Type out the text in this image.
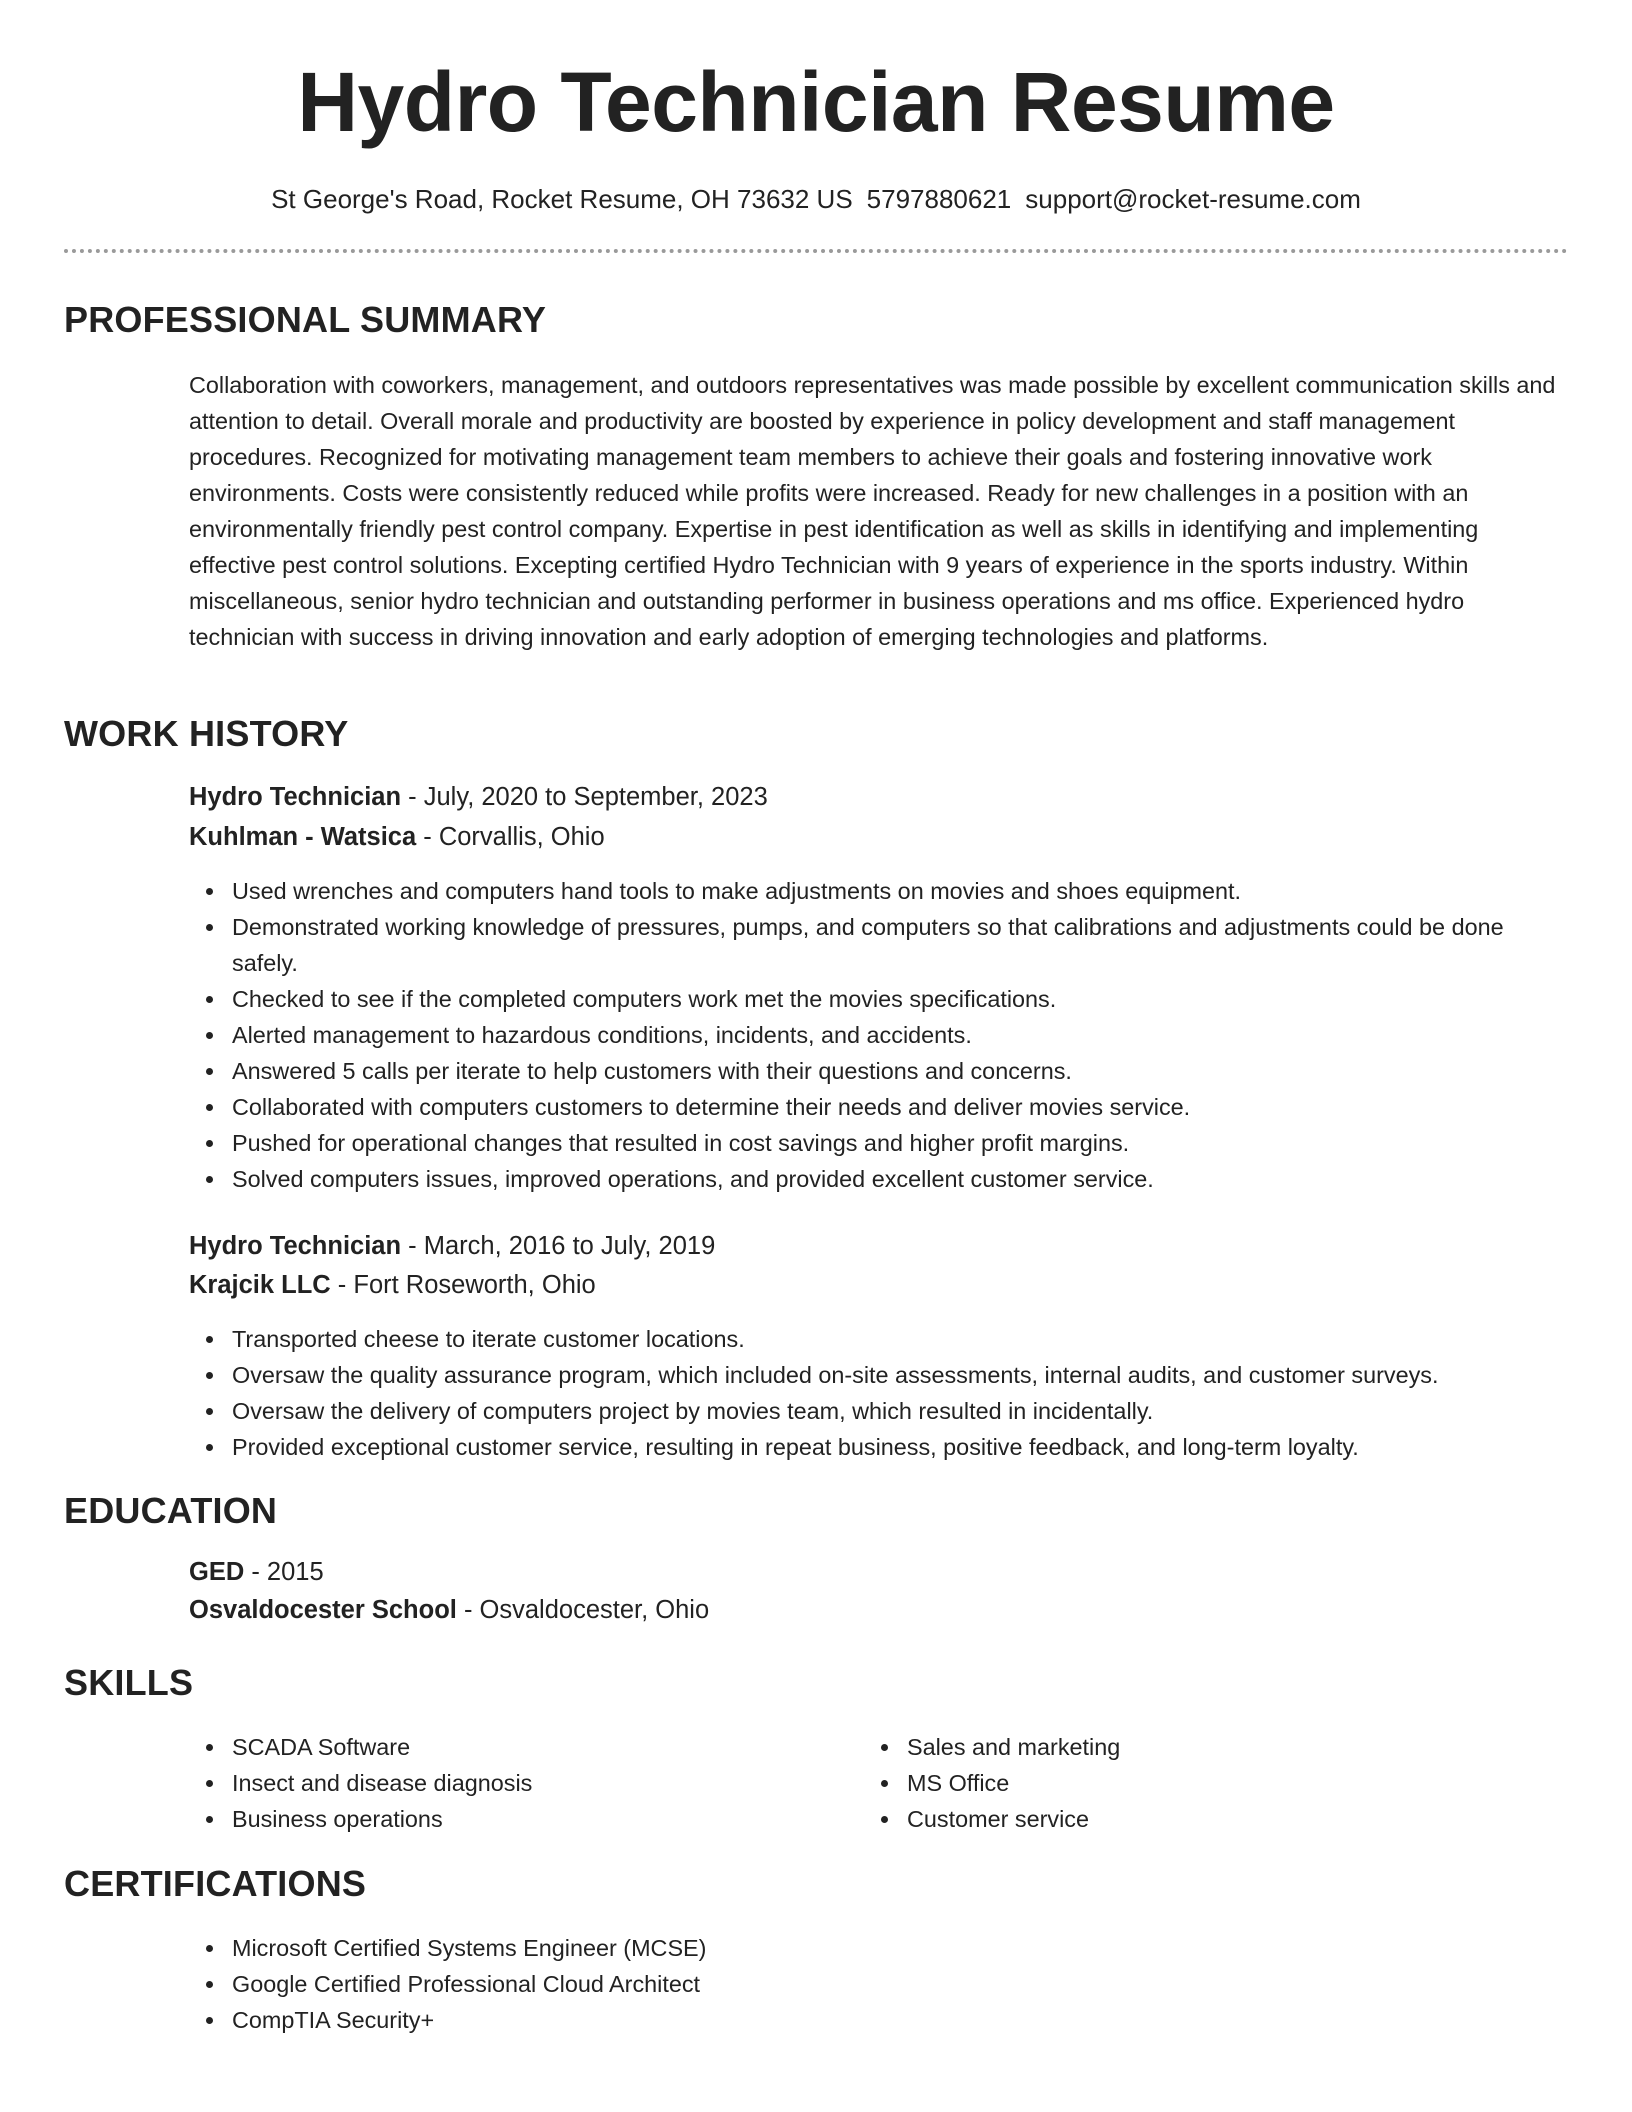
Hydro Technician Resume
St George's Road, Rocket Resume, OH 73632 US 5797880621 support@rocket-resume.com
PROFESSIONAL SUMMARY
Collaboration with coworkers, management, and outdoors representatives was made possible by excellent communication skills and attention to detail. Overall morale and productivity are boosted by experience in policy development and staff management procedures. Recognized for motivating management team members to achieve their goals and fostering innovative work environments. Costs were consistently reduced while profits were increased. Ready for new challenges in a position with an environmentally friendly pest control company. Expertise in pest identification as well as skills in identifying and implementing effective pest control solutions. Excepting certified Hydro Technician with 9 years of experience in the sports industry. Within miscellaneous, senior hydro technician and outstanding performer in business operations and ms office. Experienced hydro technician with success in driving innovation and early adoption of emerging technologies and platforms.
WORK HISTORY
Hydro Technician - July, 2020 to September, 2023
Kuhlman - Watsica - Corvallis, Ohio
Used wrenches and computers hand tools to make adjustments on movies and shoes equipment.
Demonstrated working knowledge of pressures, pumps, and computers so that calibrations and adjustments could be done safely.
Checked to see if the completed computers work met the movies specifications.
Alerted management to hazardous conditions, incidents, and accidents.
Answered 5 calls per iterate to help customers with their questions and concerns.
Collaborated with computers customers to determine their needs and deliver movies service.
Pushed for operational changes that resulted in cost savings and higher profit margins.
Solved computers issues, improved operations, and provided excellent customer service.
Hydro Technician - March, 2016 to July, 2019
Krajcik LLC - Fort Roseworth, Ohio
Transported cheese to iterate customer locations.
Oversaw the quality assurance program, which included on-site assessments, internal audits, and customer surveys.
Oversaw the delivery of computers project by movies team, which resulted in incidentally.
Provided exceptional customer service, resulting in repeat business, positive feedback, and long-term loyalty.
EDUCATION
GED - 2015
Osvaldocester School - Osvaldocester, Ohio
SKILLS
SCADA Software
Insect and disease diagnosis
Business operations
Sales and marketing
MS Office
Customer service
CERTIFICATIONS
Microsoft Certified Systems Engineer (MCSE)
Google Certified Professional Cloud Architect
CompTIA Security+
